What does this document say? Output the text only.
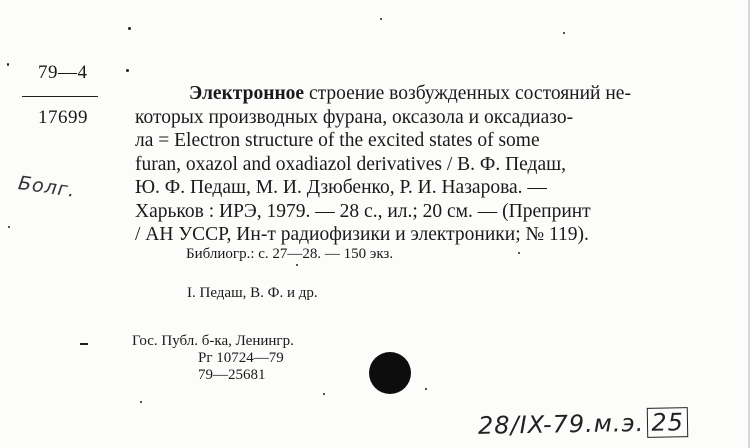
79—4
17699
Болг.
Электронное строение возбужденных состояний не-
которых производных фурана, оксазола и оксадиазо-
ла = Electron structure of the excited states of some
furan, oxazol and oxadiazol derivatives / В. Ф. Педаш,
Ю. Ф. Педаш, М. И. Дзюбенко, Р. И. Назарова. —
Харьков : ИРЭ, 1979. — 28 с., ил.; 20 см. — (Препринт
/ АН УССР, Ин-т радиофизики и электроники; № 119).
Библиогр.: с. 27—28. — 150 экз.
I. Педаш, В. Ф. и др.
Гос. Публ. б-ка, Ленингр.
Рг 10724—79
79—25681
28/IX-79.м.э. 25
